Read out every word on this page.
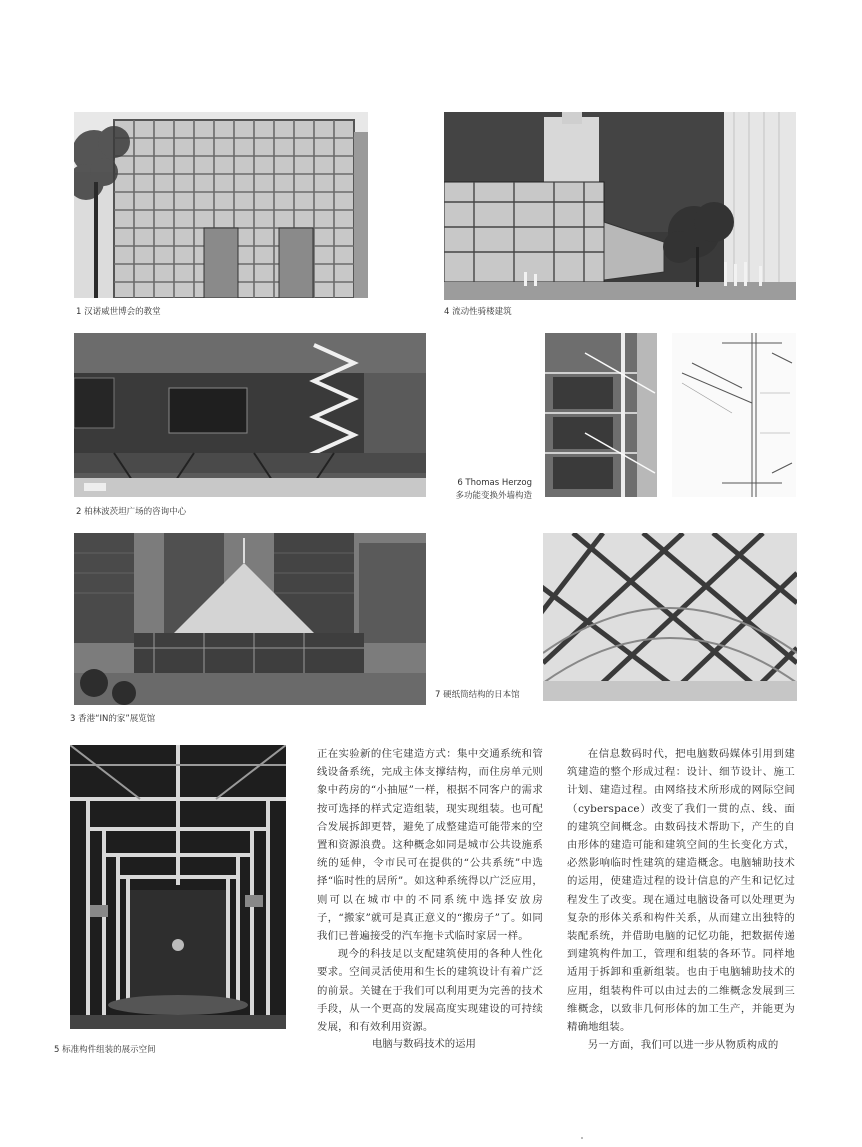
1 汉诺威世博会的教堂	4 流动性骑楼建筑
2 柏林波茨坦广场的咨询中心
6 Thomas Herzog
多功能变换外墙构造
3 香港“IN的家”展览馆
7 硬纸筒结构的日本馆
5 标准构件组装的展示空间

正在实验新的住宅建造方式：集中交通系统和管线设备系统，完成主体支撑结构，而住房单元则象中药房的“小抽屉”一样，根据不同客户的需求按可选择的样式定造组装，现实现组装。也可配合发展拆卸更替，避免了成整建造可能带来的空置和资源浪费。这种概念如同是城市公共设施系统的延伸，令市民可在提供的“公共系统”中选择“临时性的居所”。如这种系统得以广泛应用，则可以在城市中的不同系统中选择安放房子，“搬家”就可是真正意义的“搬房子”了。如同我们已普遍接受的汽车拖卡式临时家居一样。

现今的科技足以支配建筑使用的各种人性化要求。空间灵活使用和生长的建筑设计有着广泛的前景。关键在于我们可以利用更为完善的技术手段，从一个更高的发展高度实现建设的可持续发展，和有效利用资源。

电脑与数码技术的运用

在信息数码时代，把电脑数码媒体引用到建筑建造的整个形成过程：设计、细节设计、施工计划、建造过程。由网络技术所形成的网际空间（cyberspace）改变了我们一贯的点、线、面的建筑空间概念。由数码技术帮助下，产生的自由形体的建造可能和建筑空间的生长变化方式，必然影响临时性建筑的建造概念。电脑辅助技术的运用，使建造过程的设计信息的产生和记忆过程发生了改变。现在通过电脑设备可以处理更为复杂的形体关系和构件关系，从而建立出独特的装配系统，并借助电脑的记忆功能，把数据传递到建筑构件加工，管理和组装的各环节。同样地适用于拆卸和重新组装。也由于电脑辅助技术的应用，组装构件可以由过去的二维概念发展到三维概念，以致非几何形体的加工生产，并能更为精确地组装。

另一方面，我们可以进一步从物质构成的
